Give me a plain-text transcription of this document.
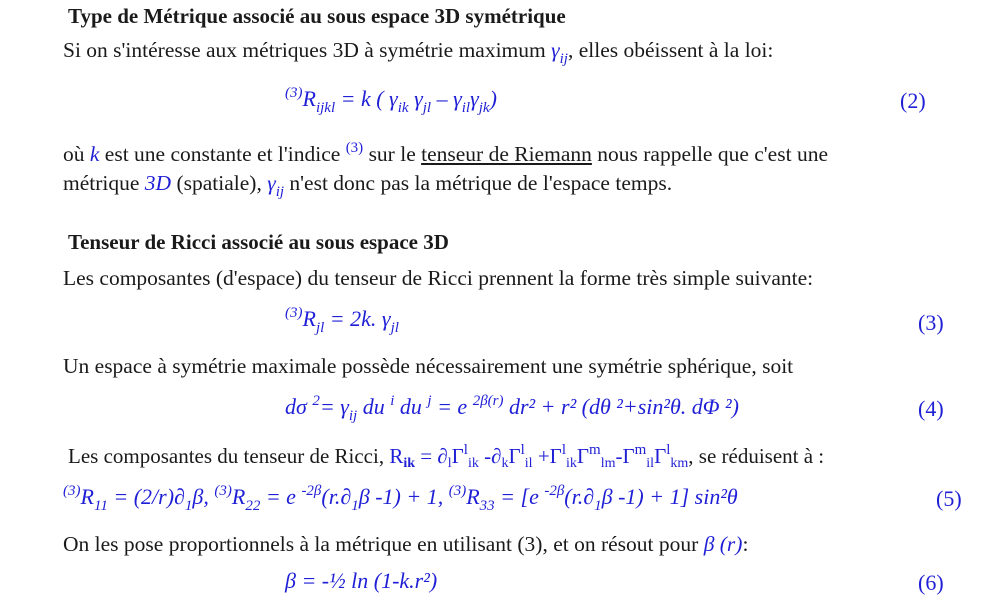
Type de Métrique associé au sous espace 3D symétrique
Si on s'intéresse aux métriques 3D à symétrie maximum $\gamma_{ij}$, elles obéissent à la loi:
$^{(3)}R_{ijkl} = k$ ( $\gamma_{ik}$ $\gamma_{jl} - \gamma_{il}\gamma_{jk}$)	(2)
où k est une constante et l'indice $^{(3)}$ sur le tenseur de Riemann nous rappelle que c'est une
métrique 3D (spatiale), $\gamma_{ij}$ n'est donc pas la métrique de l'espace temps.
Tenseur de Ricci associé au sous espace 3D
Les composantes (d'espace) du tenseur de Ricci prennent la forme très simple suivante:
$^{(3)}R_{jl} = 2k$. $\gamma_{jl}$	(3)
Un espace à symétrie maximale possède nécessairement une symétrie sphérique, soit
dσ $^2= \gamma_{ij}$ du $^i$ du $^j$ = e $^{2\beta(r)}$ dr² + r² (dθ ²+sin²θ. dΦ ²)	(4)
Les composantes du tenseur de Ricci, $R_{ik} = \partial_l\Gamma^l_{ik}$ $-\partial_k\Gamma^l_{il} +\Gamma^l_{ik}\Gamma^m_{lm}-\Gamma^m_{il}\Gamma^l_{km}$, se réduisent à :
$^{(3)}R_{11} = (2/r)\partial_1\beta$, $^{(3)}R_{22} = e$ $^{-2\beta}(r.\partial_1\beta$ -1) + 1, $^{(3)}R_{33} = [e$ $^{-2\beta}(r.\partial_1\beta$ -1) + 1] sin²θ	(5)
On les pose proportionnels à la métrique en utilisant (3), et on résout pour β (r):
β = -½ ln (1-k.r²)	(6)
